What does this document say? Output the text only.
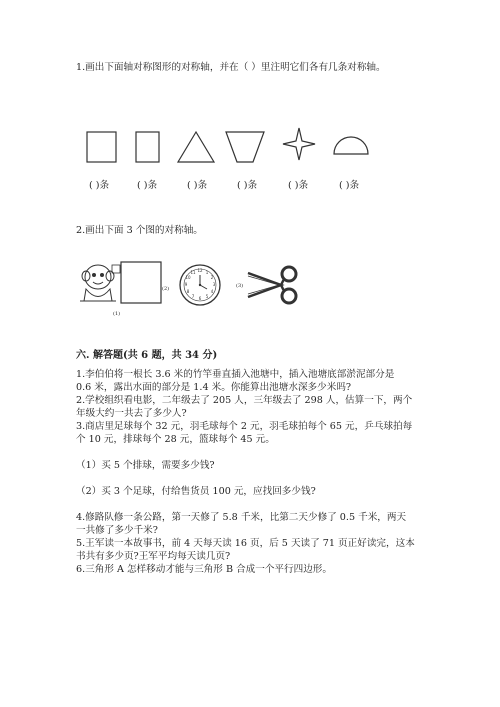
1.画出下面轴对称图形的对称轴，并在（ ）里注明它们各有几条对称轴。
( )条	( )条	( )条	( )条	( )条	( )条
2.画出下面 3 个图的对称轴。
12 1
2
3
4
5
6
7
8
9
10
11
(1)
(2)	(3)
六. 解答题(共 6 题，共 34 分)
1.李伯伯将一根长 3.6 米的竹竿垂直插入池塘中，插入池塘底部淤泥部分是
0.6 米，露出水面的部分是 1.4 米。你能算出池塘水深多少米吗?
2.学校组织看电影，二年级去了 205 人，三年级去了 298 人，估算一下，两个
年级大约一共去了多少人?
3.商店里足球每个 32 元，羽毛球每个 2 元，羽毛球拍每个 65 元，乒乓球拍每
个 10 元，排球每个 28 元，篮球每个 45 元。
（1）买 5 个排球，需要多少钱?
（2）买 3 个足球，付给售货员 100 元，应找回多少钱?
4.修路队修一条公路，第一天修了 5.8 千米，比第二天少修了 0.5 千米，两天
一共修了多少千米?
5.王军读一本故事书，前 4 天每天读 16 页，后 5 天读了 71 页正好读完，这本
书共有多少页?王军平均每天读几页?
6.三角形 A 怎样移动才能与三角形 B 合成一个平行四边形。
